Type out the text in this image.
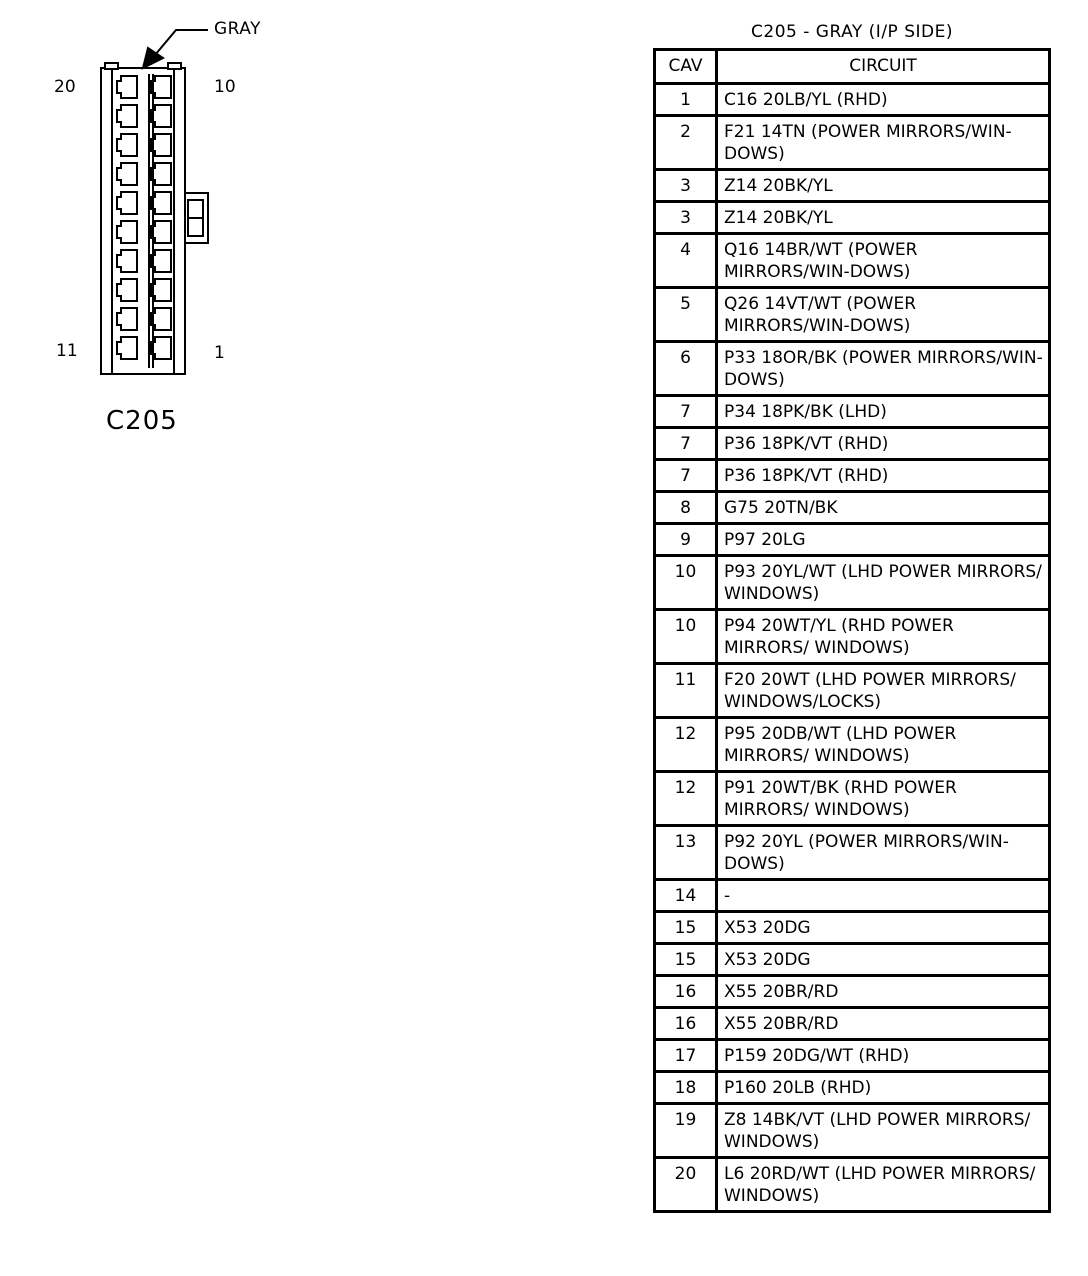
GRAY
20	10
11	1
C205
C205 - GRAY (I/P SIDE)
CAV	CIRCUIT
1	C16 20LB/YL (RHD)
2	F21 14TN (POWER MIRRORS/WIN-DOWS)
3	Z14 20BK/YL
3	Z14 20BK/YL
4	Q16 14BR/WT (POWER MIRRORS/WIN-DOWS)
5	Q26 14VT/WT (POWER MIRRORS/WIN-DOWS)
6	P33 18OR/BK (POWER MIRRORS/WIN-DOWS)
7	P34 18PK/BK (LHD)
7	P36 18PK/VT (RHD)
7	P36 18PK/VT (RHD)
8	G75 20TN/BK
9	P97 20LG
10	P93 20YL/WT (LHD POWER MIRRORS/ WINDOWS)
10	P94 20WT/YL (RHD POWER MIRRORS/ WINDOWS)
11	F20 20WT (LHD POWER MIRRORS/ WINDOWS/LOCKS)
12	P95 20DB/WT (LHD POWER MIRRORS/ WINDOWS)
12	P91 20WT/BK (RHD POWER MIRRORS/ WINDOWS)
13	P92 20YL (POWER MIRRORS/WIN-DOWS)
14	-
15	X53 20DG
15	X53 20DG
16	X55 20BR/RD
16	X55 20BR/RD
17	P159 20DG/WT (RHD)
18	P160 20LB (RHD)
19	Z8 14BK/VT (LHD POWER MIRRORS/ WINDOWS)
20	L6 20RD/WT (LHD POWER MIRRORS/ WINDOWS)
